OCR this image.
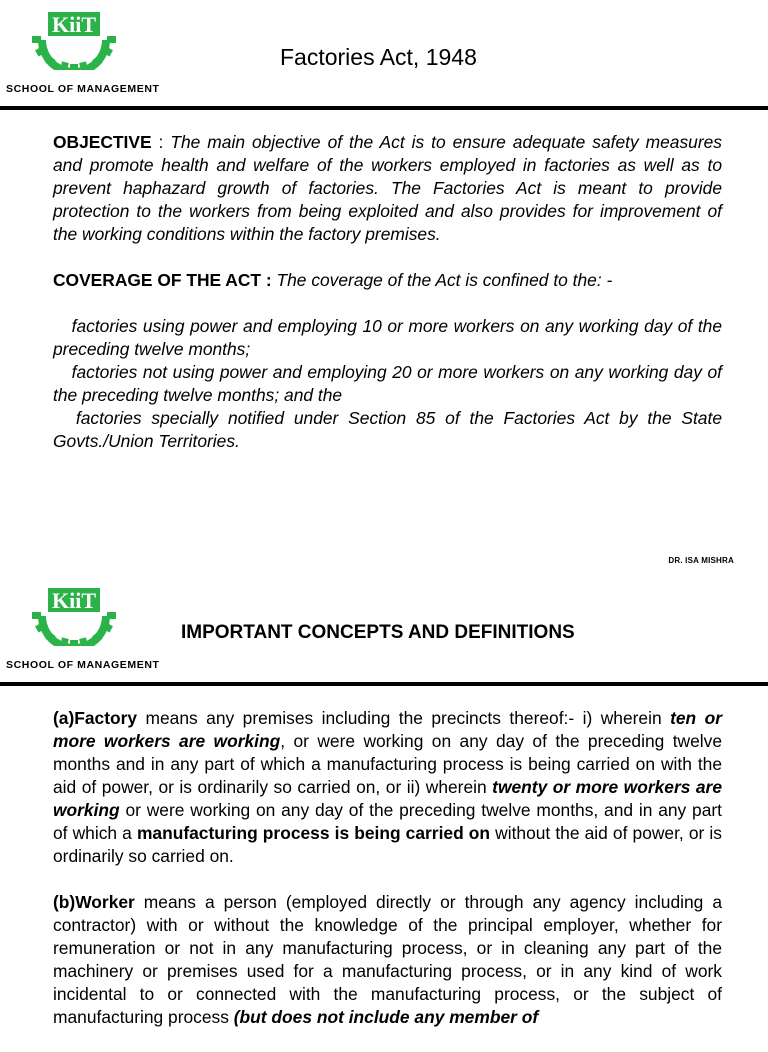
KiiT
SCHOOL OF MANAGEMENT
Factories Act, 1948

OBJECTIVE : The main objective of the Act is to ensure adequate safety measures and promote health and welfare of the workers employed in factories as well as to prevent haphazard growth of factories. The Factories Act is meant to provide protection to the workers from being exploited and also provides for improvement of the working conditions within the factory premises.

COVERAGE OF THE ACT : The coverage of the Act is confined to the: -

factories using power and employing 10 or more workers on any working day of the preceding twelve months;
factories not using power and employing 20 or more workers on any working day of the preceding twelve months; and the
factories specially notified under Section 85 of the Factories Act by the State Govts./Union Territories.
DR. ISA MISHRA
KiiT
SCHOOL OF MANAGEMENT
IMPORTANT CONCEPTS AND DEFINITIONS

(a)Factory means any premises including the precincts thereof:- i) wherein ten or more workers are working, or were working on any day of the preceding twelve months and in any part of which a manufacturing process is being carried on with the aid of power, or is ordinarily so carried on, or ii) wherein twenty or more workers are working or were working on any day of the preceding twelve months, and in any part of which a manufacturing process is being carried on without the aid of power, or is ordinarily so carried on.

(b)Worker means a person (employed directly or through any agency including a contractor) with or without the knowledge of the principal employer, whether for remuneration or not in any manufacturing process, or in cleaning any part of the machinery or premises used for a manufacturing process, or in any kind of work incidental to or connected with the manufacturing process, or the subject of manufacturing process (but does not include any member of
